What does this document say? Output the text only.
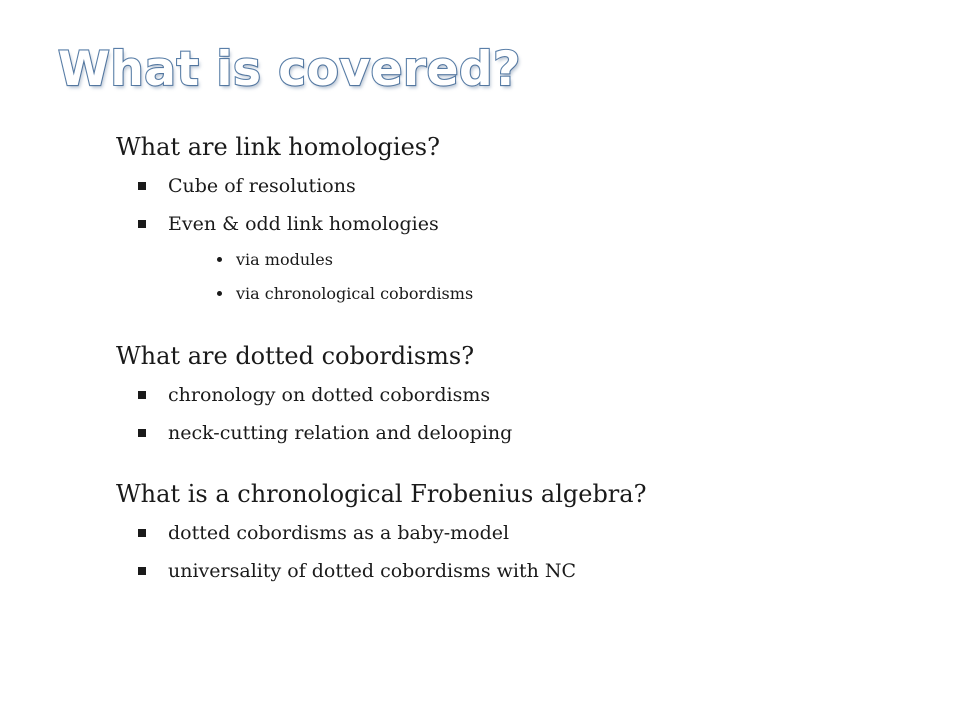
What is covered?

What are link homologies?

Cube of resolutions
Even & odd link homologies
via modules
via chronological cobordisms

What are dotted cobordisms?

chronology on dotted cobordisms
neck-cutting relation and delooping

What is a chronological Frobenius algebra?

dotted cobordisms as a baby-model
universality of dotted cobordisms with NC
